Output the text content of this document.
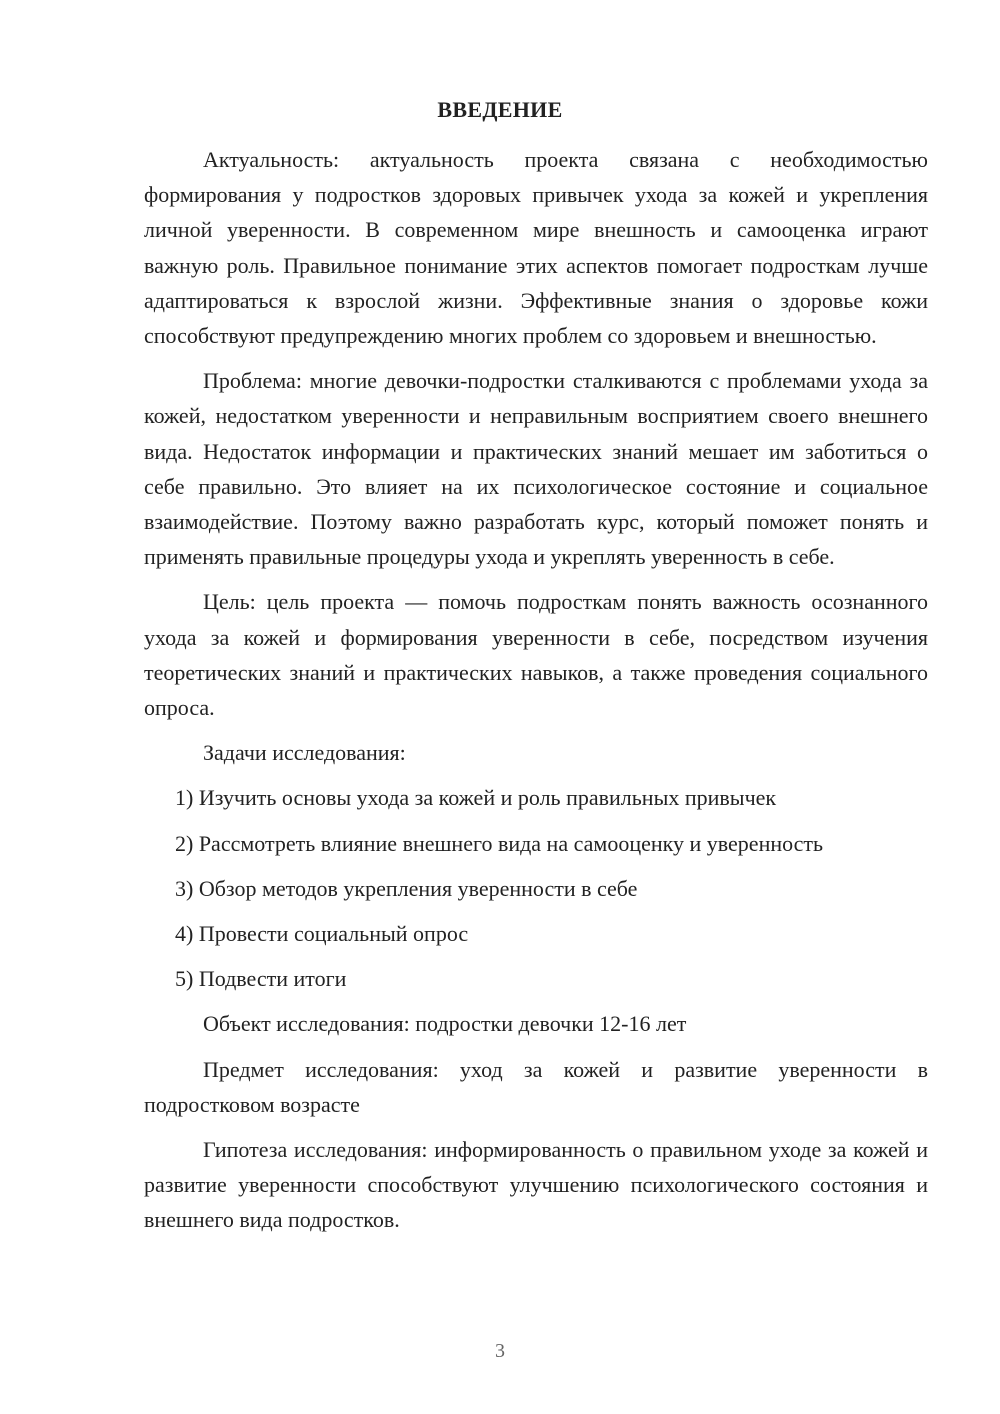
ВВЕДЕНИЕ

Актуальность: актуальность проекта связана с необходимостью формирования у подростков здоровых привычек ухода за кожей и укрепления личной уверенности. В современном мире внешность и самооценка играют важную роль. Правильное понимание этих аспектов помогает подросткам лучше адаптироваться к взрослой жизни. Эффективные знания о здоровье кожи способствуют предупреждению многих проблем со здоровьем и внешностью.

Проблема: многие девочки-подростки сталкиваются с проблемами ухода за кожей, недостатком уверенности и неправильным восприятием своего внешнего вида. Недостаток информации и практических знаний мешает им заботиться о себе правильно. Это влияет на их психологическое состояние и социальное взаимодействие. Поэтому важно разработать курс, который поможет понять и применять правильные процедуры ухода и укреплять уверенность в себе.

Цель: цель проекта — помочь подросткам понять важность осознанного ухода за кожей и формирования уверенности в себе, посредством изучения теоретических знаний и практических навыков, а также проведения социального опроса.

Задачи исследования:

1) Изучить основы ухода за кожей и роль правильных привычек
2) Рассмотреть влияние внешнего вида на самооценку и уверенность
3) Обзор методов укрепления уверенности в себе
4) Провести социальный опрос
5) Подвести итоги

Объект исследования: подростки девочки 12-16 лет

Предмет исследования: уход за кожей и развитие уверенности в подростковом возрасте

Гипотеза исследования: информированность о правильном уходе за кожей и развитие уверенности способствуют улучшению психологического состояния и внешнего вида подростков.

3
